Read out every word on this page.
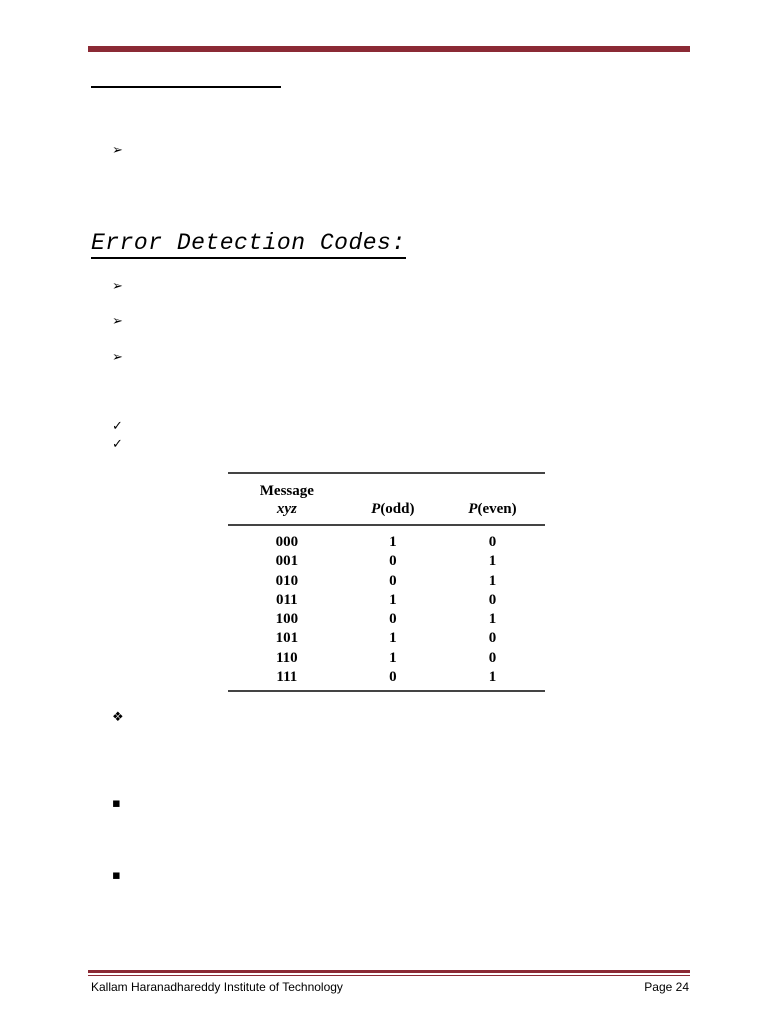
➢
Error Detection Codes:
➢
➢
➢
✓
✓
Message
xyz	P(odd)	P(even)
000	1	0
001	0	1
010	0	1
011	1	0
100	0	1
101	1	0
110	1	0
111	0	1
❖
▪
▪
Kallam Haranadhareddy Institute of Technology	Page 24
